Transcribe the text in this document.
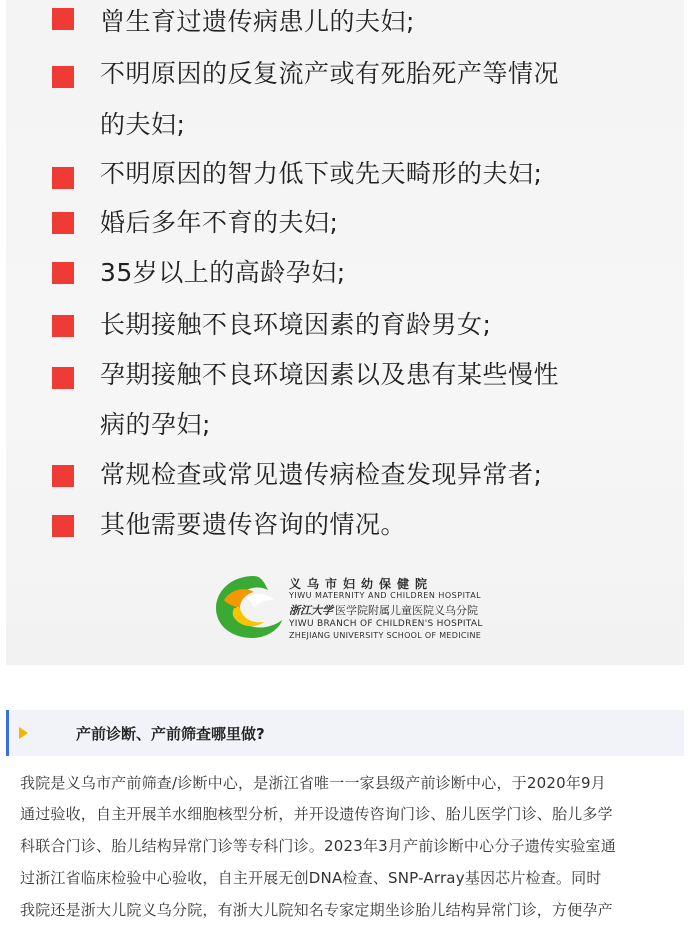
曾生育过遗传病患儿的夫妇;
不明原因的反复流产或有死胎死产等情况
的夫妇;
不明原因的智力低下或先天畸形的夫妇;
婚后多年不育的夫妇;
35岁以上的高龄孕妇;
长期接触不良环境因素的育龄男女;
孕期接触不良环境因素以及患有某些慢性
病的孕妇;
常规检查或常见遗传病检查发现异常者;
其他需要遗传咨询的情况。
义乌市妇幼保健院
YIWU MATERNITY AND CHILDREN HOSPITAL
浙江大学 医学院附属儿童医院义乌分院
YIWU BRANCH OF CHILDREN'S HOSPITAL
ZHEJIANG UNIVERSITY SCHOOL OF MEDICINE
产前诊断、产前筛查哪里做?
我院是义乌市产前筛查/诊断中心，是浙江省唯一一家县级产前诊断中心，于2020年9月
通过验收，自主开展羊水细胞核型分析，并开设遗传咨询门诊、胎儿医学门诊、胎儿多学
科联合门诊、胎儿结构异常门诊等专科门诊。2023年3月产前诊断中心分子遗传实验室通
过浙江省临床检验中心验收，自主开展无创DNA检查、SNP-Array基因芯片检查。同时
我院还是浙大儿院义乌分院，有浙大儿院知名专家定期坐诊胎儿结构异常门诊，方便孕产
